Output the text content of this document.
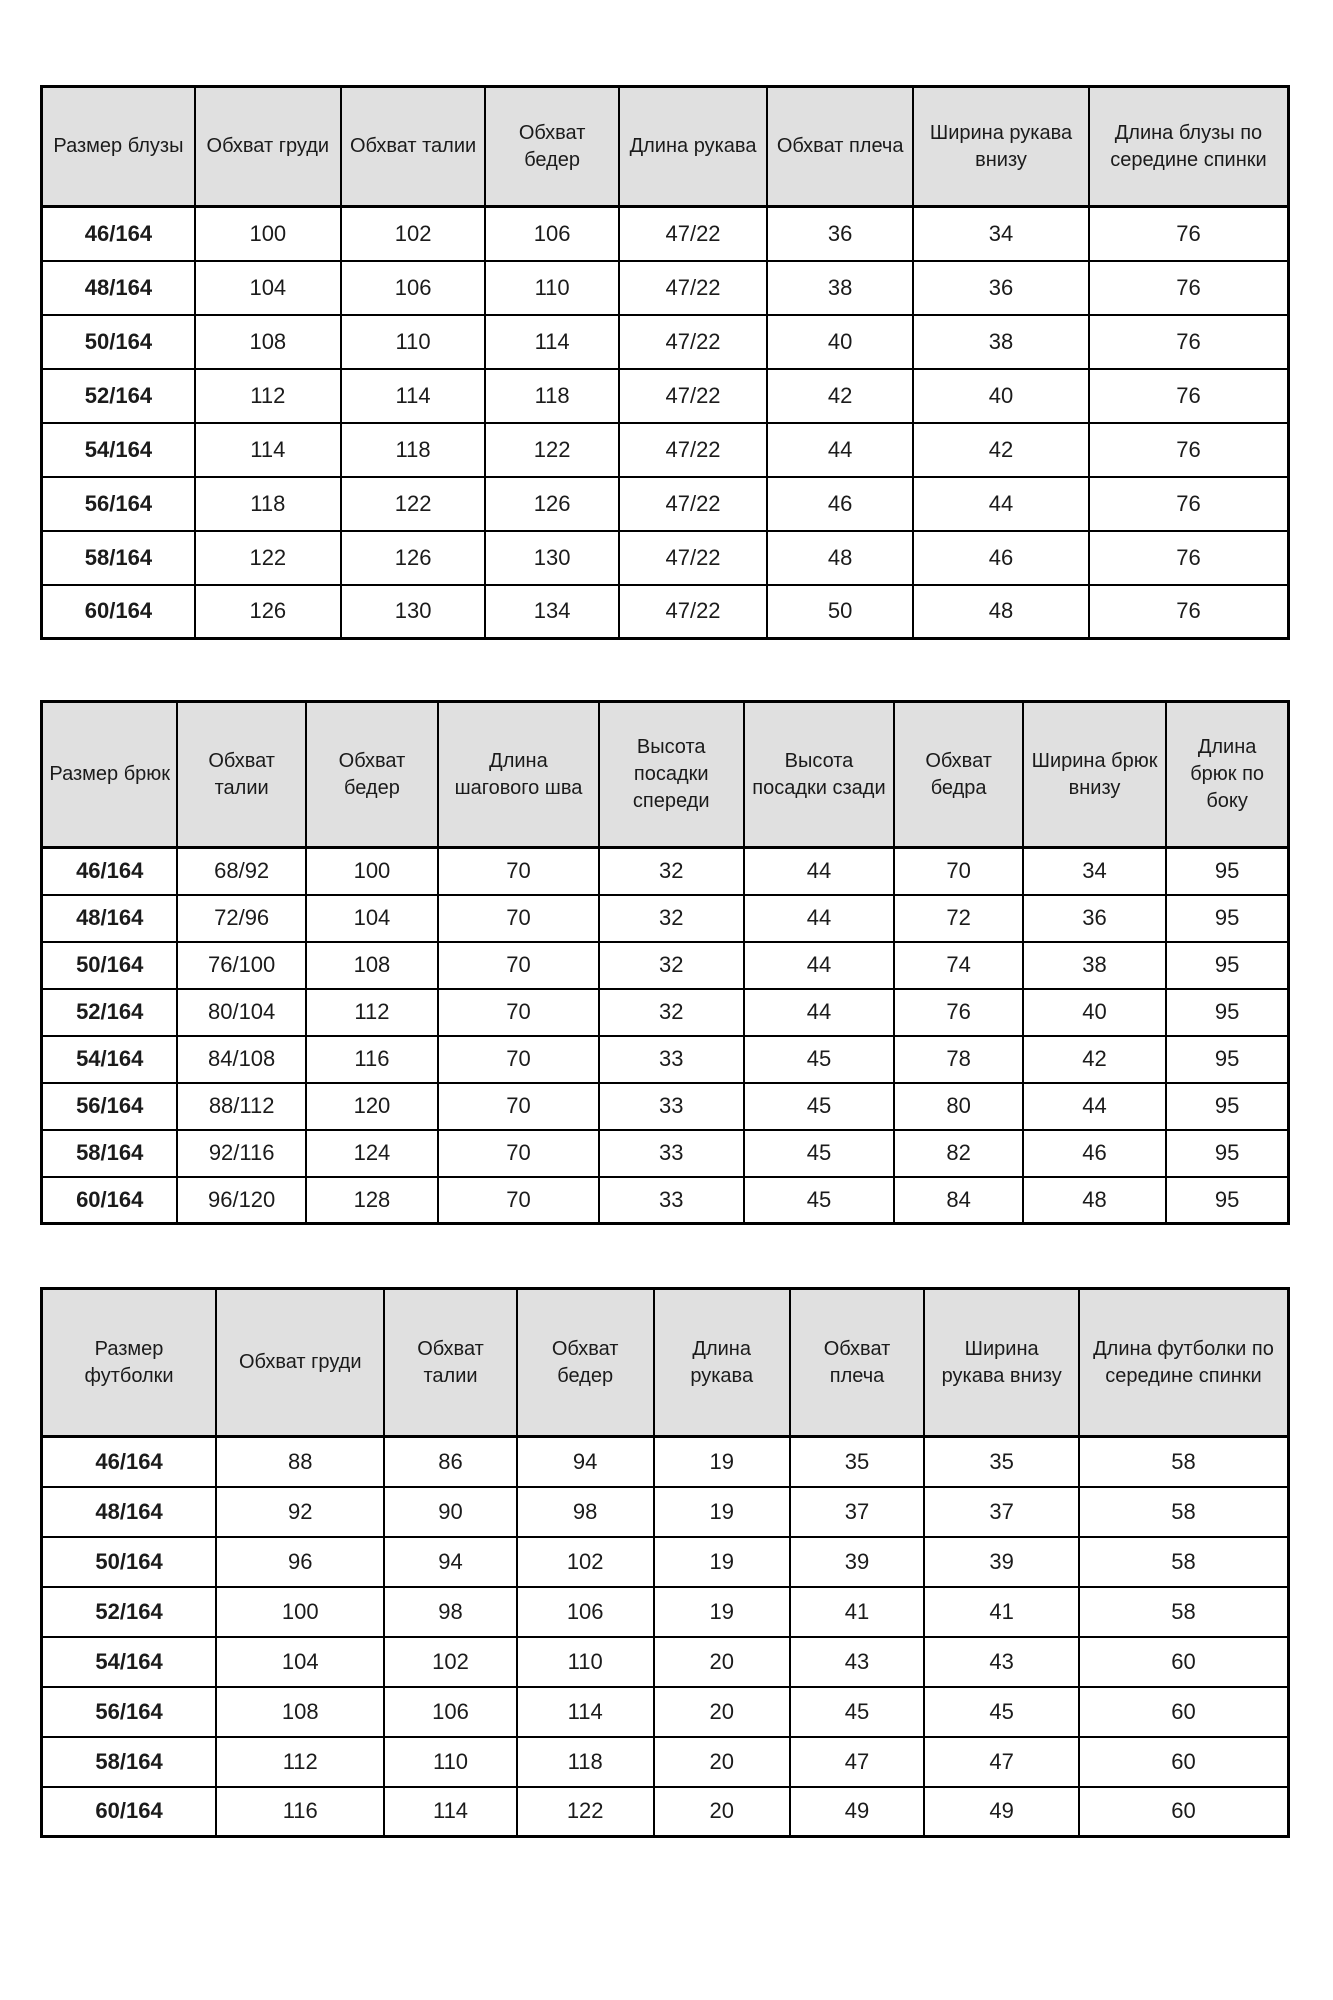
Размер блузы	Обхват груди	Обхват талии	Обхват бедер	Длина рукава	Обхват плеча	Ширина рукава внизу	Длина блузы по середине спинки
46/164	100	102	106	47/22	36	34	76
48/164	104	106	110	47/22	38	36	76
50/164	108	110	114	47/22	40	38	76
52/164	112	114	118	47/22	42	40	76
54/164	114	118	122	47/22	44	42	76
56/164	118	122	126	47/22	46	44	76
58/164	122	126	130	47/22	48	46	76
60/164	126	130	134	47/22	50	48	76
Размер брюк	Обхват талии	Обхват бедер	Длина шагового шва	Высота посадки спереди	Высота посадки сзади	Обхват бедра	Ширина брюк внизу	Длина брюк по боку
46/164	68/92	100	70	32	44	70	34	95
48/164	72/96	104	70	32	44	72	36	95
50/164	76/100	108	70	32	44	74	38	95
52/164	80/104	112	70	32	44	76	40	95
54/164	84/108	116	70	33	45	78	42	95
56/164	88/112	120	70	33	45	80	44	95
58/164	92/116	124	70	33	45	82	46	95
60/164	96/120	128	70	33	45	84	48	95
Размер футболки	Обхват груди	Обхват талии	Обхват бедер	Длина рукава	Обхват плеча	Ширина рукава внизу	Длина футболки по середине спинки
46/164	88	86	94	19	35	35	58
48/164	92	90	98	19	37	37	58
50/164	96	94	102	19	39	39	58
52/164	100	98	106	19	41	41	58
54/164	104	102	110	20	43	43	60
56/164	108	106	114	20	45	45	60
58/164	112	110	118	20	47	47	60
60/164	116	114	122	20	49	49	60
